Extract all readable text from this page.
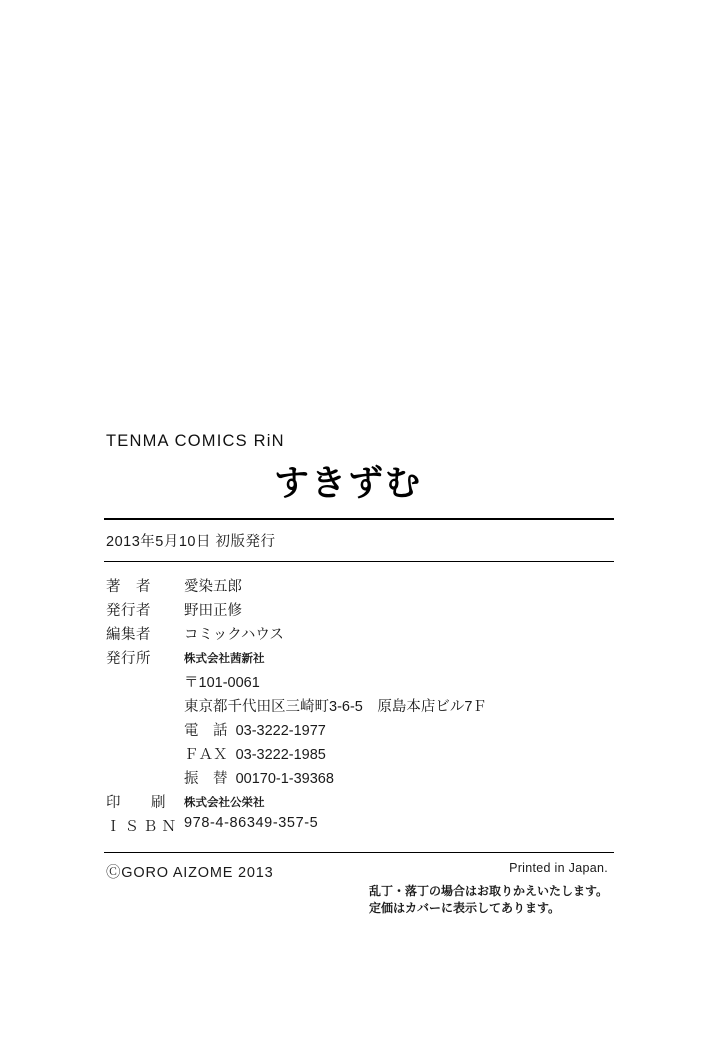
TENMA COMICS RiN
すきずむ
2013年5月10日 初版発行
著　者	愛染五郎
発行者	野田正修
編集者	コミックハウス
発行所	株式会社茜新社
	〒101-0061
	東京都千代田区三崎町3-6-5　原島本店ビル7Ｆ
	電　話 03-3222-1977
	ＦＡＸ 03-3222-1985
	振　替 00170-1-39368
印　刷	株式会社公栄社
ＩＳＢＮ	978-4-86349-357-5
ⒸGORO AIZOME 2013	Printed in Japan.
乱丁・落丁の場合はお取りかえいたします。
定価はカバーに表示してあります。
